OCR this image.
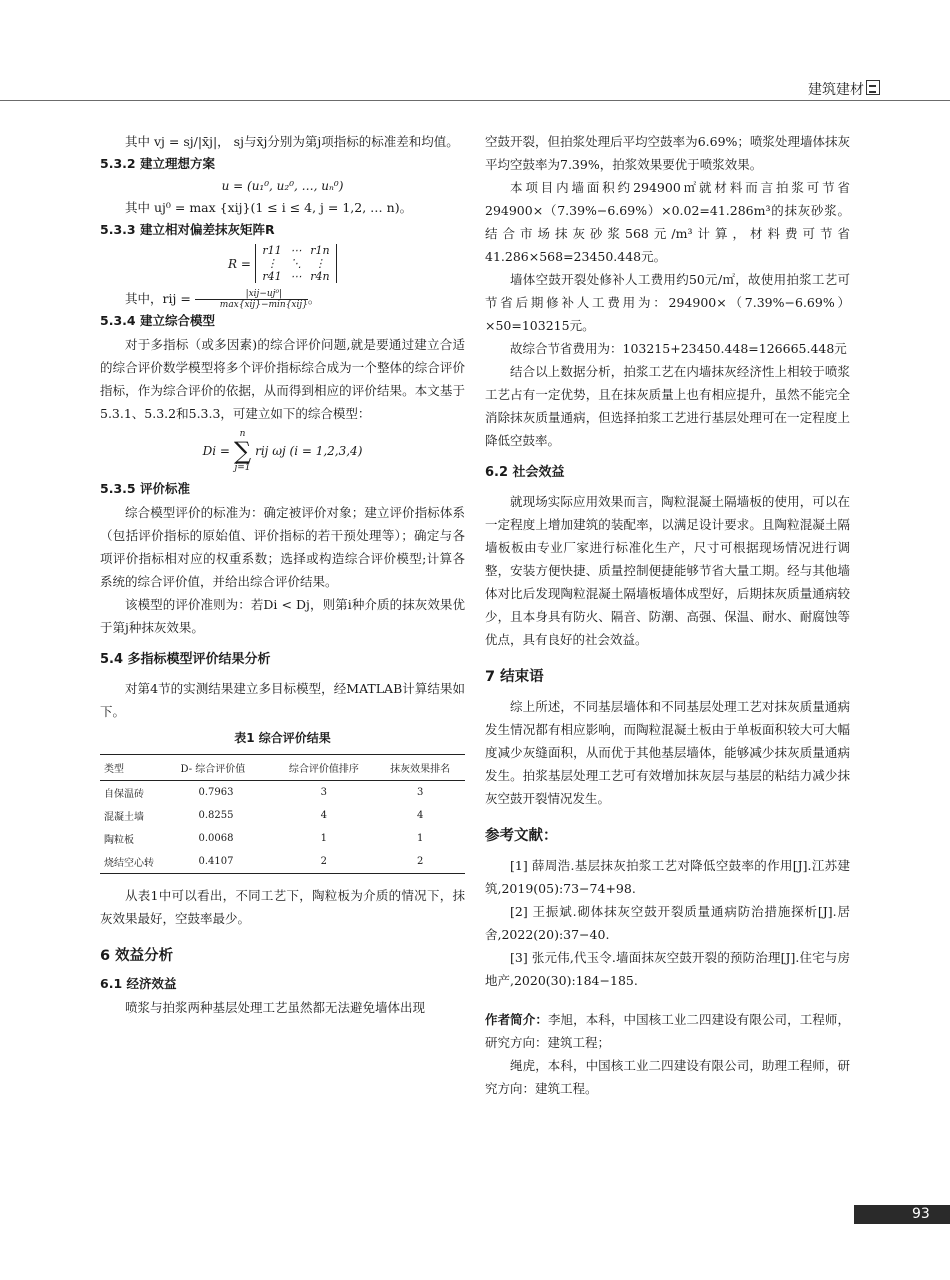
建筑建材

其中 vj = sj/|x̄j|， sj与x̄j分别为第j项指标的标准差和均值。

5.3.2 建立理想方案
u = (u₁⁰, u₂⁰, …, uₙ⁰)

其中 uj⁰ = max {xij}(1 ≤ i ≤ 4, j = 1,2, … n)。

5.3.3 建立相对偏差抹灰矩阵R
R =
r11 ⋯ r1n
⋮	⋱	⋮
r41 ⋯ r4n

其中，rij = $\frac{\text{|xij−uj⁰|}}{\text{max\{xij\}−min\{xij\}}}$ 。

5.3.4 建立综合模型

对于多指标（或多因素)的综合评价问题,就是要通过建立合适的综合评价数学模型将多个评价指标综合成为一个整体的综合评价指标，作为综合评价的依据，从而得到相应的评价结果。本文基于5.3.1、5.3.2和5.3.3，可建立如下的综合模型：

Di =
n
∑
j=1
rij ωj (i = 1,2,3,4)
5.3.5 评价标准

综合模型评价的标准为：确定被评价对象；建立评价指标体系（包括评价指标的原始值、评价指标的若干预处理等）；确定与各项评价指标相对应的权重系数；选择或构造综合评价模型;计算各系统的综合评价值，并给出综合评价结果。

该模型的评价准则为：若Di < Dj，则第i种介质的抹灰效果优于第j种抹灰效果。

5.4 多指标模型评价结果分析

对第4节的实测结果建立多目标模型，经MATLAB计算结果如下。

表1 综合评价结果
类型	D- 综合评价值	综合评价值排序	抹灰效果排名
自保温砖	0.7963	3	3
混凝土墙	0.8255	4	4
陶粒板	0.0068	1	1
烧结空心转	0.4107	2	2

从表1中可以看出，不同工艺下，陶粒板为介质的情况下，抹灰效果最好，空鼓率最少。

6 效益分析
6.1 经济效益

喷浆与拍浆两种基层处理工艺虽然都无法避免墙体出现

空鼓开裂，但拍浆处理后平均空鼓率为6.69%；喷浆处理墙体抹灰平均空鼓率为7.39%，拍浆效果要优于喷浆效果。

本项目内墙面积约294900㎡就材料而言拍浆可节省294900×（7.39%−6.69%）×0.02=41.286m³的抹灰砂浆。结合市场抹灰砂浆568元/m³计算，材料费可节省41.286×568=23450.448元。

墙体空鼓开裂处修补人工费用约50元/㎡，故使用拍浆工艺可节省后期修补人工费用为：294900×（7.39%−6.69%）×50=103215元。

故综合节省费用为：103215+23450.448=126665.448元

结合以上数据分析，拍浆工艺在内墙抹灰经济性上相较于喷浆工艺占有一定优势，且在抹灰质量上也有相应提升，虽然不能完全消除抹灰质量通病，但选择拍浆工艺进行基层处理可在一定程度上降低空鼓率。

6.2 社会效益

就现场实际应用效果而言，陶粒混凝土隔墙板的使用，可以在一定程度上增加建筑的装配率，以满足设计要求。且陶粒混凝土隔墙板板由专业厂家进行标准化生产，尺寸可根据现场情况进行调整，安装方便快捷、质量控制便捷能够节省大量工期。经与其他墙体对比后发现陶粒混凝土隔墙板墙体成型好，后期抹灰质量通病较少，且本身具有防火、隔音、防潮、高强、保温、耐水、耐腐蚀等优点，具有良好的社会效益。

7 结束语

综上所述，不同基层墙体和不同基层处理工艺对抹灰质量通病发生情况都有相应影响，而陶粒混凝土板由于单板面积较大可大幅度减少灰缝面积，从而优于其他基层墙体，能够减少抹灰质量通病发生。拍浆基层处理工艺可有效增加抹灰层与基层的粘结力减少抹灰空鼓开裂情况发生。

参考文献：

[1] 薛周浩.基层抹灰拍浆工艺对降低空鼓率的作用[J].江苏建筑,2019(05):73−74+98.

[2] 王振斌.砌体抹灰空鼓开裂质量通病防治措施探析[J].居舍,2022(20):37−40.

[3] 张元伟,代玉令.墙面抹灰空鼓开裂的预防治理[J].住宅与房地产,2020(30):184−185.

作者简介：李旭，本科，中国核工业二四建设有限公司，工程师，研究方向：建筑工程；

绳虎，本科，中国核工业二四建设有限公司，助理工程师，研究方向：建筑工程。

93
